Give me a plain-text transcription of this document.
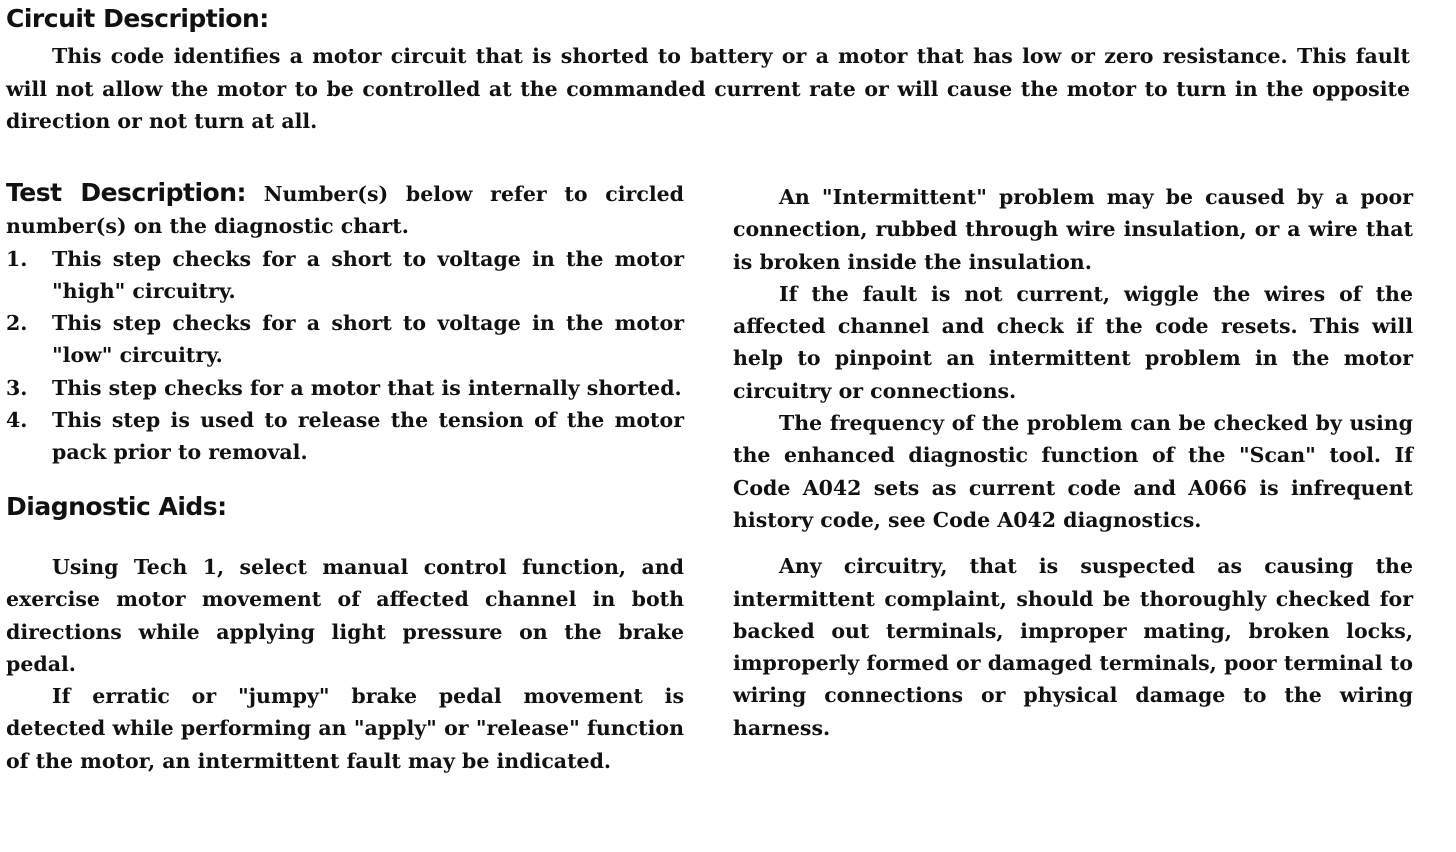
Circuit Description:
This code identifies a motor circuit that is shorted to battery or a motor that has low or zero resistance. This fault will not allow the motor to be controlled at the commanded current rate or will cause the motor to turn in the opposite direction or not turn at all.
Test Description: Number(s) below refer to circled number(s) on the diagnostic chart.
1. This step checks for a short to voltage in the motor "high" circuitry.
2. This step checks for a short to voltage in the motor "low" circuitry.
3. This step checks for a motor that is internally shorted.
4. This step is used to release the tension of the motor pack prior to removal.
Diagnostic Aids:

Using Tech 1, select manual control function, and exercise motor movement of affected channel in both directions while applying light pressure on the brake pedal.

If erratic or "jumpy" brake pedal movement is detected while performing an "apply" or "release" function of the motor, an intermittent fault may be indicated.

An "Intermittent" problem may be caused by a poor connection, rubbed through wire insulation, or a wire that is broken inside the insulation.

If the fault is not current, wiggle the wires of the affected channel and check if the code resets. This will help to pinpoint an intermittent problem in the motor circuitry or connections.

The frequency of the problem can be checked by using the enhanced diagnostic function of the "Scan" tool. If Code A042 sets as current code and A066 is infrequent history code, see Code A042 diagnostics.

Any circuitry, that is suspected as causing the intermittent complaint, should be thoroughly checked for backed out terminals, improper mating, broken locks, improperly formed or damaged terminals, poor terminal to wiring connections or physical damage to the wiring harness.
